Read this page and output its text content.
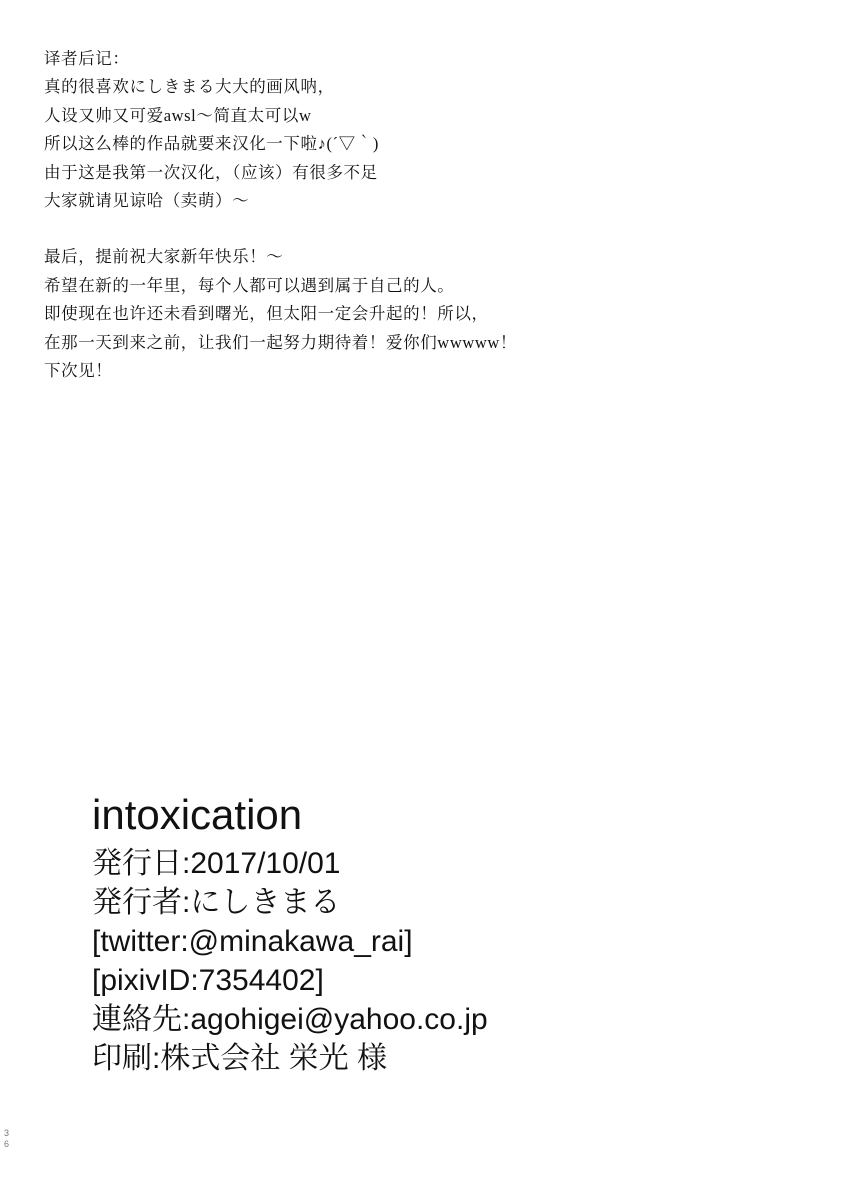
译者后记：
真的很喜欢にしきまる大大的画风呐，
人设又帅又可爱awsl～简直太可以w
所以这么棒的作品就要来汉化一下啦♪(´▽｀)
由于这是我第一次汉化，（应该）有很多不足
大家就请见谅哈（卖萌）～
最后，提前祝大家新年快乐！～
希望在新的一年里，每个人都可以遇到属于自己的人。
即使现在也许还未看到曙光，但太阳一定会升起的！所以，
在那一天到来之前，让我们一起努力期待着！爱你们wwwww！
下次见！
intoxication
発行日:2017/10/01
発行者:にしきまる
[twitter:@minakawa_rai]
[pixivID:7354402]
連絡先:agohigei@yahoo.co.jp
印刷:株式会社 栄光 様
3
6
